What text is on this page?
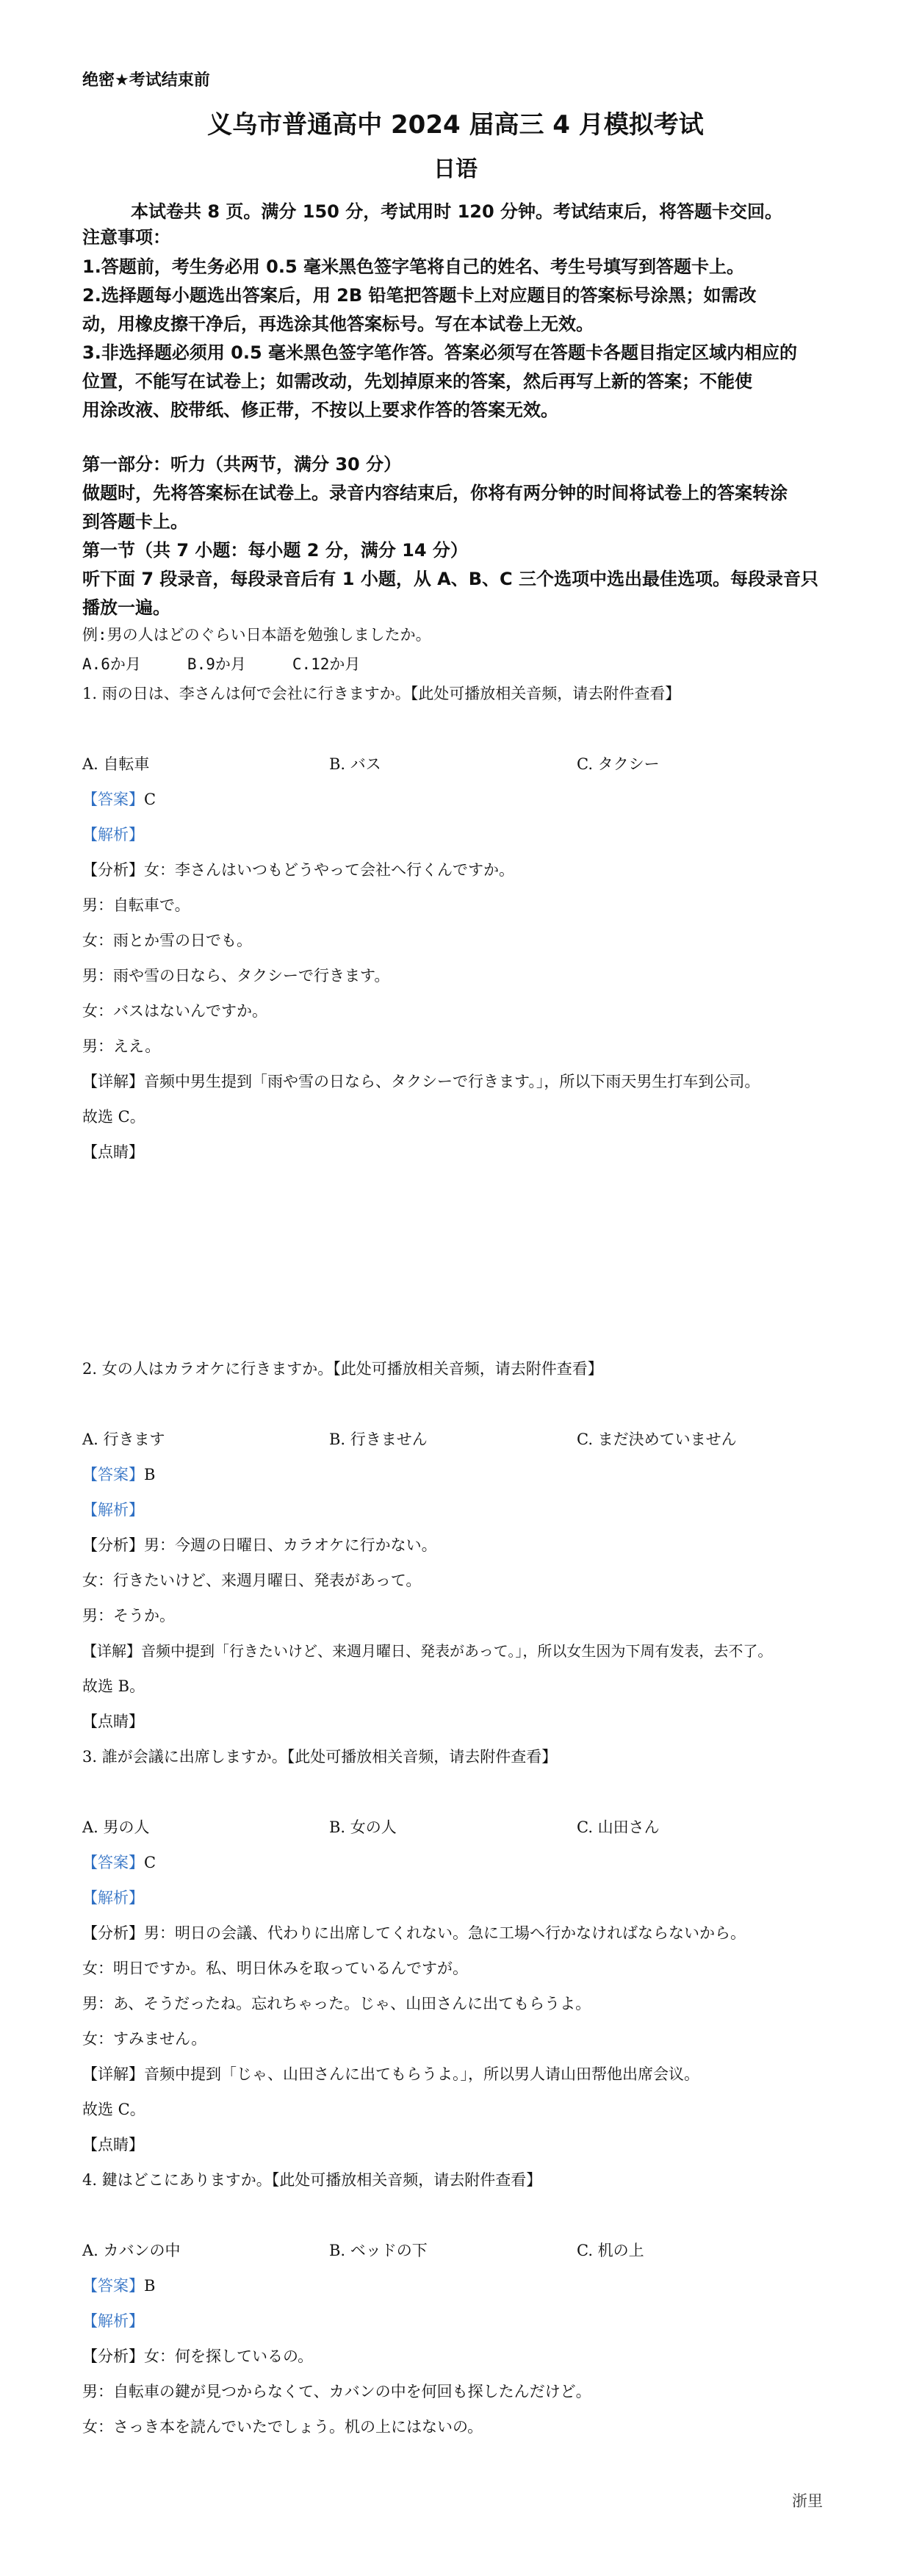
绝密★考试结束前
义乌市普通高中 2024 届高三 4 月模拟考试
日语
本试卷共 8 页。满分 150 分，考试用时 120 分钟。考试结束后，将答题卡交回。
注意事项：
1.答题前，考生务必用 0.5 毫米黑色签字笔将自己的姓名、考生号填写到答题卡上。
2.选择题每小题选出答案后，用 2B 铅笔把答题卡上对应题目的答案标号涂黑；如需改
动，用橡皮擦干净后，再选涂其他答案标号。写在本试卷上无效。
3.非选择题必须用 0.5 毫米黑色签字笔作答。答案必须写在答题卡各题目指定区域内相应的
位置，不能写在试卷上；如需改动，先划掉原来的答案，然后再写上新的答案；不能使
用涂改液、胶带纸、修正带，不按以上要求作答的答案无效。
第一部分：听力（共两节，满分 30 分）
做题时，先将答案标在试卷上。录音内容结束后，你将有两分钟的时间将试卷上的答案转涂
到答题卡上。
第一节（共 7 小题：每小题 2 分，满分 14 分）
听下面 7 段录音，每段录音后有 1 小题，从 A、B、C 三个选项中选出最佳选项。每段录音只
播放一遍。
例:男の人はどのぐらい日本語を勉強しましたか。
A.6か月　　　B.9か月　　　C.12か月
1. 雨の日は、李さんは何で会社に行きますか。【此处可播放相关音频，请去附件查看】
A. 自転車	B. バス	C. タクシー
【答案】C
【解析】
【分析】女：李さんはいつもどうやって会社へ行くんですか。
男：自転車で。
女：雨とか雪の日でも。
男：雨や雪の日なら、タクシーで行きます。
女：バスはないんですか。
男：ええ。
【详解】音频中男生提到「雨や雪の日なら、タクシーで行きます。」，所以下雨天男生打车到公司。
故选 C。
【点睛】
2. 女の人はカラオケに行きますか。【此处可播放相关音频，请去附件查看】
A. 行きます	B. 行きません	C. まだ決めていません
【答案】B
【解析】
【分析】男：今週の日曜日、カラオケに行かない。
女：行きたいけど、来週月曜日、発表があって。
男：そうか。
【详解】音频中提到「行きたいけど、来週月曜日、発表があって。」，所以女生因为下周有发表，去不了。
故选 B。
【点睛】
3. 誰が会議に出席しますか。【此处可播放相关音频，请去附件查看】
A. 男の人	B. 女の人	C. 山田さん
【答案】C
【解析】
【分析】男：明日の会議、代わりに出席してくれない。急に工場へ行かなければならないから。
女：明日ですか。私、明日休みを取っているんですが。
男：あ、そうだったね。忘れちゃった。じゃ、山田さんに出てもらうよ。
女：すみません。
【详解】音频中提到「じゃ、山田さんに出てもらうよ。」，所以男人请山田帮他出席会议。
故选 C。
【点睛】
4. 鍵はどこにありますか。【此处可播放相关音频，请去附件查看】
A. カバンの中	B. ベッドの下	C. 机の上
【答案】B
【解析】
【分析】女：何を探しているの。
男：自転車の鍵が見つからなくて、カバンの中を何回も探したんだけど。
女：さっき本を読んでいたでしょう。机の上にはないの。
浙里
